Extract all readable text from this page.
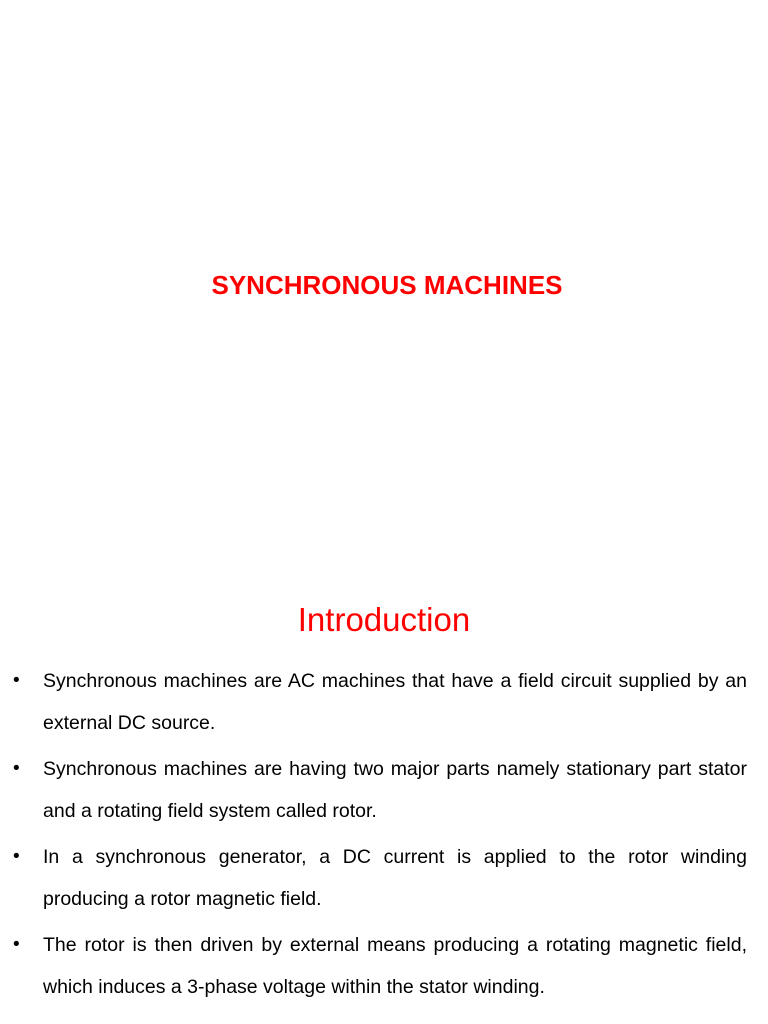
SYNCHRONOUS MACHINES
Introduction
• Synchronous machines are AC machines that have a field circuit supplied by an external DC source.
• Synchronous machines are having two major parts namely stationary part stator and a rotating field system called rotor.
• In a synchronous generator, a DC current is applied to the rotor winding producing a rotor magnetic field.
• The rotor is then driven by external means producing a rotating magnetic field, which induces a 3-phase voltage within the stator winding.
